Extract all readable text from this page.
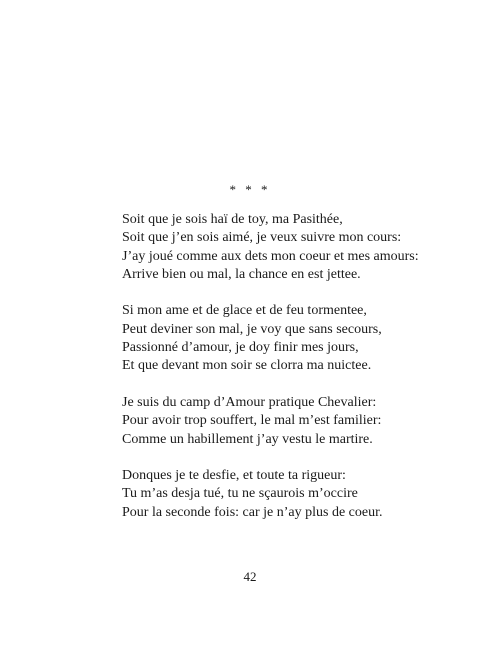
* * *
Soit que je sois haï de toy, ma Pasithée,
Soit que j’en sois aimé, je veux suivre mon cours:
J’ay joué comme aux dets mon coeur et mes amours:
Arrive bien ou mal, la chance en est jettee.
Si mon ame et de glace et de feu tormentee,
Peut deviner son mal, je voy que sans secours,
Passionné d’amour, je doy finir mes jours,
Et que devant mon soir se clorra ma nuictee.
Je suis du camp d’Amour pratique Chevalier:
Pour avoir trop souffert, le mal m’est familier:
Comme un habillement j’ay vestu le martire.
Donques je te desfie, et toute ta rigueur:
Tu m’as desja tué, tu ne sçaurois m’occire
Pour la seconde fois: car je n’ay plus de coeur.
42
